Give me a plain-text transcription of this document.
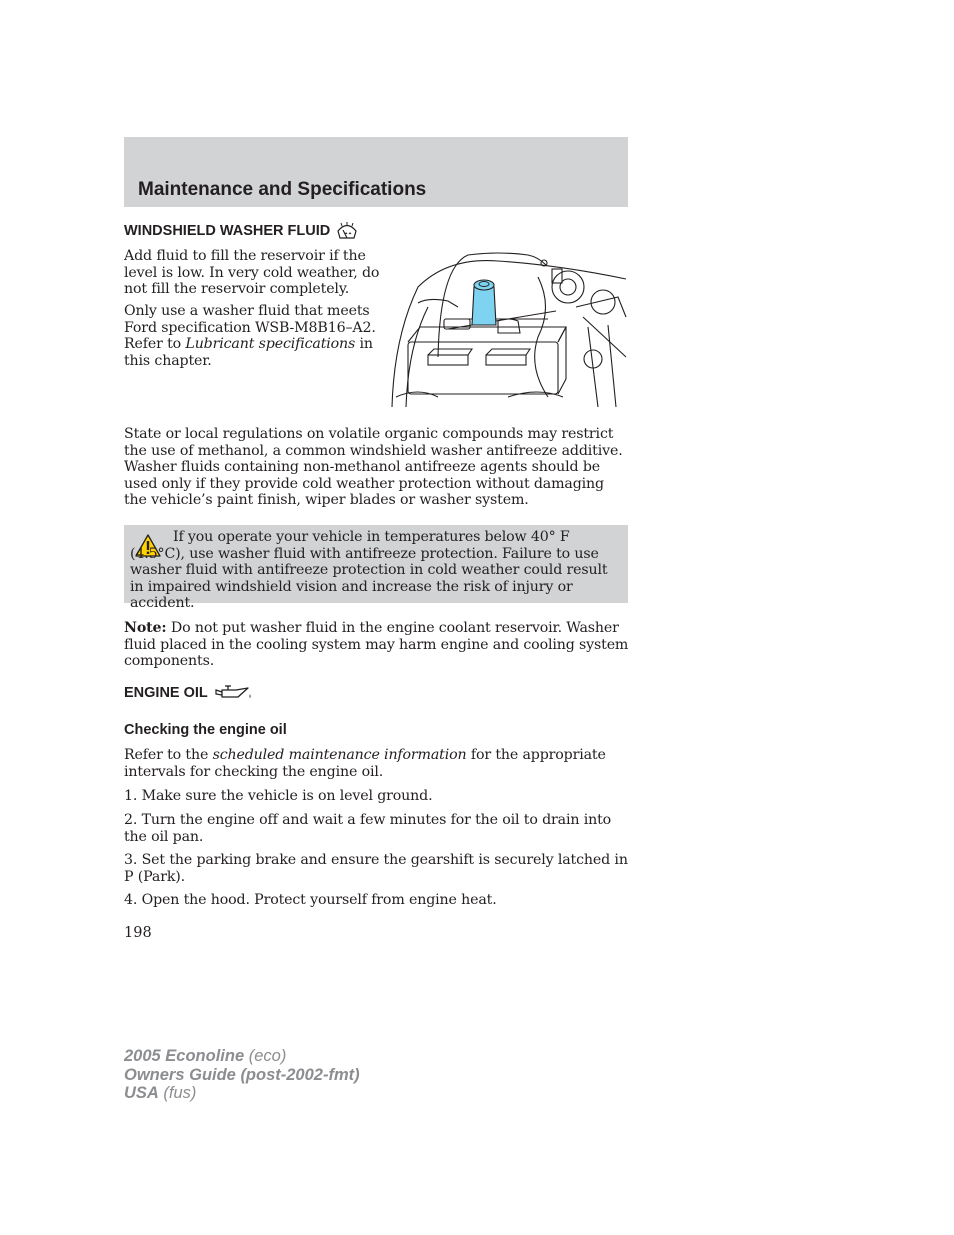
Maintenance and Specifications
WINDSHIELD WASHER FLUID

Add fluid to fill the reservoir if the level is low. In very cold weather, do not fill the reservoir completely.

Only use a washer fluid that meets Ford specification WSB-M8B16–A2. Refer to Lubricant specifications in this chapter.

State or local regulations on volatile organic compounds may restrict the use of methanol, a common windshield washer antifreeze additive. Washer fluids containing non-methanol antifreeze agents should be used only if they provide cold weather protection without damaging the vehicle’s paint finish, wiper blades or washer system.

If you operate your vehicle in temperatures below 40° F (4.5°C), use washer fluid with antifreeze protection. Failure to use washer fluid with antifreeze protection in cold weather could result in impaired windshield vision and increase the risk of injury or accident.

Note: Do not put washer fluid in the engine coolant reservoir. Washer fluid placed in the cooling system may harm engine and cooling system components.

ENGINE OIL
Checking the engine oil

Refer to the scheduled maintenance information for the appropriate intervals for checking the engine oil.

1. Make sure the vehicle is on level ground.

2. Turn the engine off and wait a few minutes for the oil to drain into the oil pan.

3. Set the parking brake and ensure the gearshift is securely latched in P (Park).

4. Open the hood. Protect yourself from engine heat.

198

2005 Econoline (eco)
Owners Guide (post-2002-fmt)
USA (fus)
